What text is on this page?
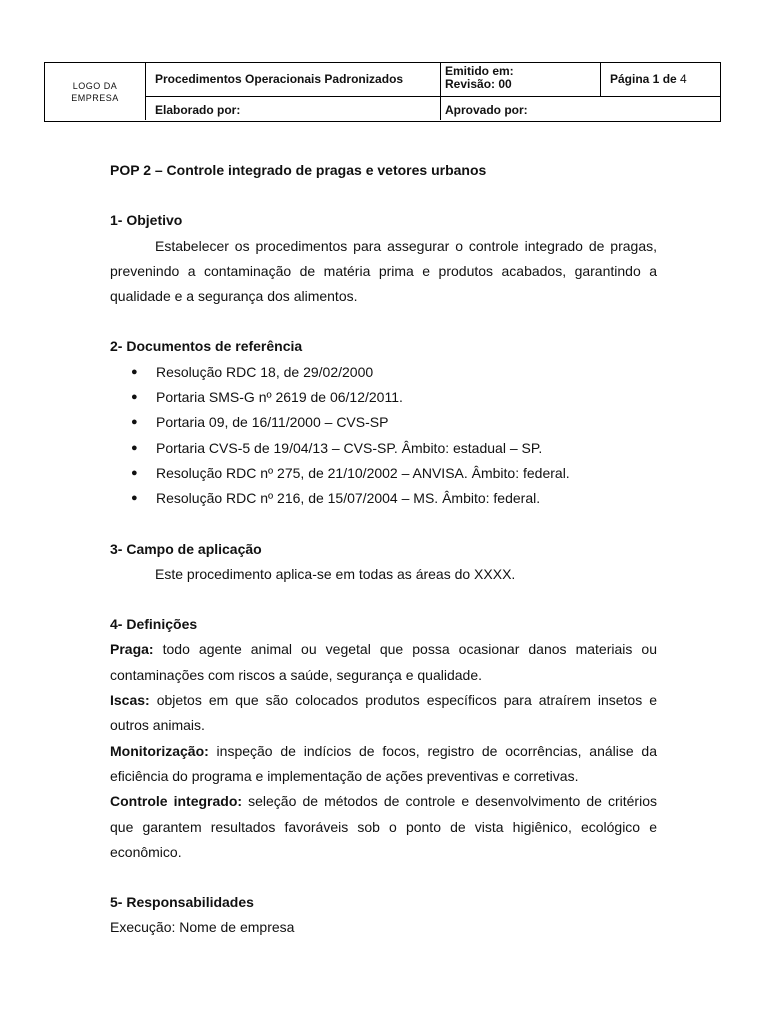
LOGO DA
EMPRESA
Procedimentos Operacionais Padronizados
Emitido em:
Revisão: 00	Página 1 de 4
Elaborado por:	Aprovado por:

POP 2 – Controle integrado de pragas e vetores urbanos

1- Objetivo

Estabelecer os procedimentos para assegurar o controle integrado de pragas, prevenindo a contaminação de matéria prima e produtos acabados, garantindo a qualidade e a segurança dos alimentos.

2- Documentos de referência

● Resolução RDC 18, de 29/02/2000
● Portaria SMS-G nº 2619 de 06/12/2011.
● Portaria 09, de 16/11/2000 – CVS-SP
● Portaria CVS-5 de 19/04/13 – CVS-SP. Âmbito: estadual – SP.
● Resolução RDC nº 275, de 21/10/2002 – ANVISA. Âmbito: federal.
● Resolução RDC nº 216, de 15/07/2004 – MS. Âmbito: federal.

3- Campo de aplicação

Este procedimento aplica-se em todas as áreas do XXXX.

4- Definições

Praga: todo agente animal ou vegetal que possa ocasionar danos materiais ou contaminações com riscos a saúde, segurança e qualidade.

Iscas: objetos em que são colocados produtos específicos para atraírem insetos e outros animais.

Monitorização: inspeção de indícios de focos, registro de ocorrências, análise da eficiência do programa e implementação de ações preventivas e corretivas.

Controle integrado: seleção de métodos de controle e desenvolvimento de critérios que garantem resultados favoráveis sob o ponto de vista higiênico, ecológico e econômico.

5- Responsabilidades

Execução: Nome de empresa
